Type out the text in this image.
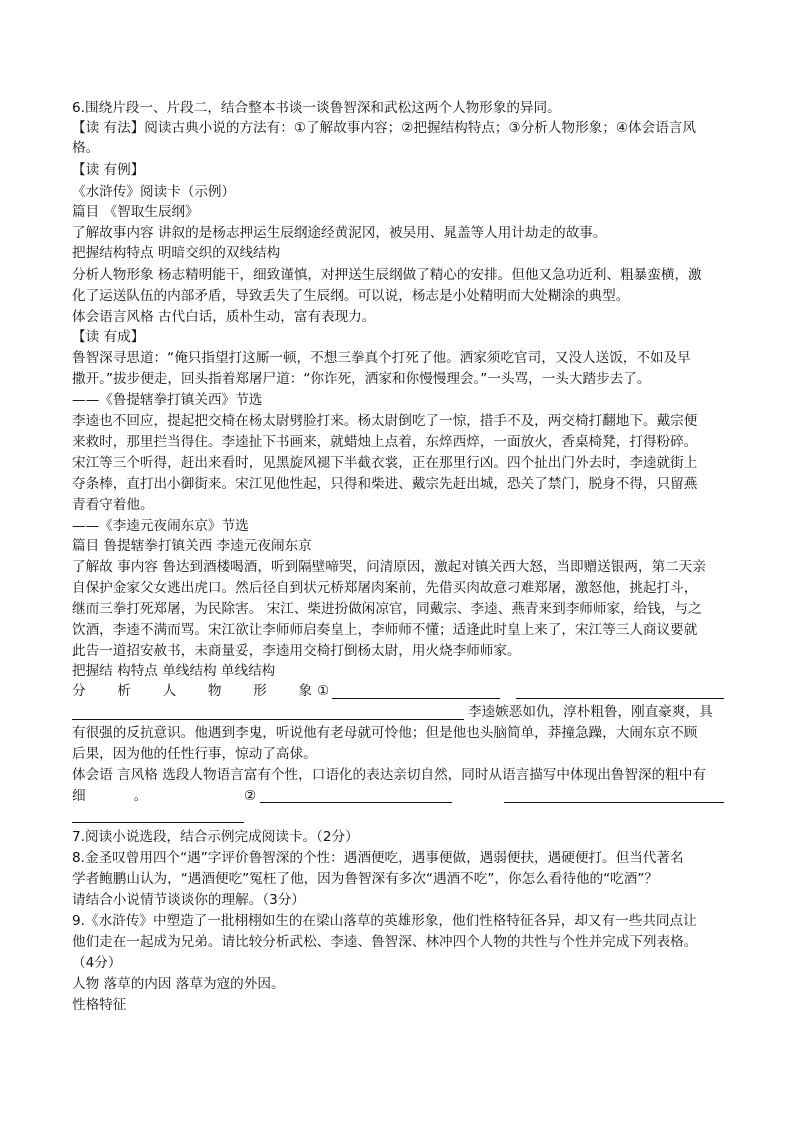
6.围绕片段一、片段二，结合整本书谈一谈鲁智深和武松这两个人物形象的异同。
【读 有法】阅读古典小说的方法有：①了解故事内容；②把握结构特点；③分析人物形象；④体会语言风
格。
【读 有例】
《水浒传》阅读卡（示例）
篇目 《智取生辰纲》
了解故事内容 讲叙的是杨志押运生辰纲途经黄泥冈，被吴用、晁盖等人用计劫走的故事。
把握结构特点 明暗交织的双线结构
分析人物形象 杨志精明能干，细致谨慎，对押送生辰纲做了精心的安排。但他又急功近利、粗暴蛮横，激
化了运送队伍的内部矛盾，导致丢失了生辰纲。可以说，杨志是小处精明而大处糊涂的典型。
体会语言风格 古代白话，质朴生动，富有表现力。
【读 有成】
鲁智深寻思道：“俺只指望打这厮一顿，不想三拳真个打死了他。洒家须吃官司，又没人送饭，不如及早
撒开。”拔步便走，回头指着郑屠尸道：“你诈死，洒家和你慢慢理会。”一头骂，一头大踏步去了。
——《鲁提辖拳打镇关西》节选
李逵也不回应，提起把交椅在杨太尉劈脸打来。杨太尉倒吃了一惊，措手不及，两交椅打翻地下。戴宗便
来救时，那里拦当得住。李逵扯下书画来，就蜡烛上点着，东焠西焠，一面放火，香桌椅凳，打得粉碎。
宋江等三个听得，赶出来看时，见黑旋风褪下半截衣裳，正在那里行凶。四个扯出门外去时，李逵就街上
夺条棒，直打出小御街来。宋江见他性起，只得和柴进、戴宗先赶出城，恐关了禁门，脱身不得，只留燕
青看守着他。
——《李逵元夜闹东京》节选
篇目 鲁提辖拳打镇关西 李逵元夜闹东京
了解故 事内容 鲁达到酒楼喝酒，听到隔壁啼哭，问清原因，激起对镇关西大怒，当即赠送银两，第二天亲
自保护金家父女逃出虎口。然后径自到状元桥郑屠肉案前，先借买肉故意刁难郑屠，激怒他，挑起打斗，
继而三拳打死郑屠，为民除害。 宋江、柴进扮做闲凉官，同戴宗、李逵、燕青来到李师师家，给钱，与之
饮酒，李逵不满而骂。宋江欲让李师师启奏皇上，李师师不懂；适逢此时皇上来了，宋江等三人商议要就
此告一道招安赦书，未商量妥，李逵用交椅打倒杨太尉，用火烧李师师家。
把握结 构特点 单线结构 单线结构
分 析 人 物 形 象 ①
李逵嫉恶如仇，淳朴粗鲁，刚直豪爽，具
有很强的反抗意识。他遇到李鬼，听说他有老母就可怜他；但是他也头脑简单，莽撞急躁，大闹东京不顾
后果，因为他的任性行事，惊动了高俅。
体会语 言风格 选段人物语言富有个性，口语化的表达亲切自然，同时从语言描写中体现出鲁智深的粗中有
细	。	②
7.阅读小说选段，结合示例完成阅读卡。（2分）
8.金圣叹曾用四个“遇”字评价鲁智深的个性：遇酒便吃，遇事便做，遇弱便扶，遇硬便打。但当代著名
学者鲍鹏山认为，“遇酒便吃”冤枉了他，因为鲁智深有多次“遇酒不吃”，你怎么看待他的“吃酒”？
请结合小说情节谈谈你的理解。（3分）
9.《水浒传》中塑造了一批栩栩如生的在梁山落草的英雄形象，他们性格特征各异，却又有一些共同点让
他们走在一起成为兄弟。请比较分析武松、李逵、鲁智深、林冲四个人物的共性与个性并完成下列表格。
（4分）
人物 落草的内因 落草为寇的外因。
性格特征
